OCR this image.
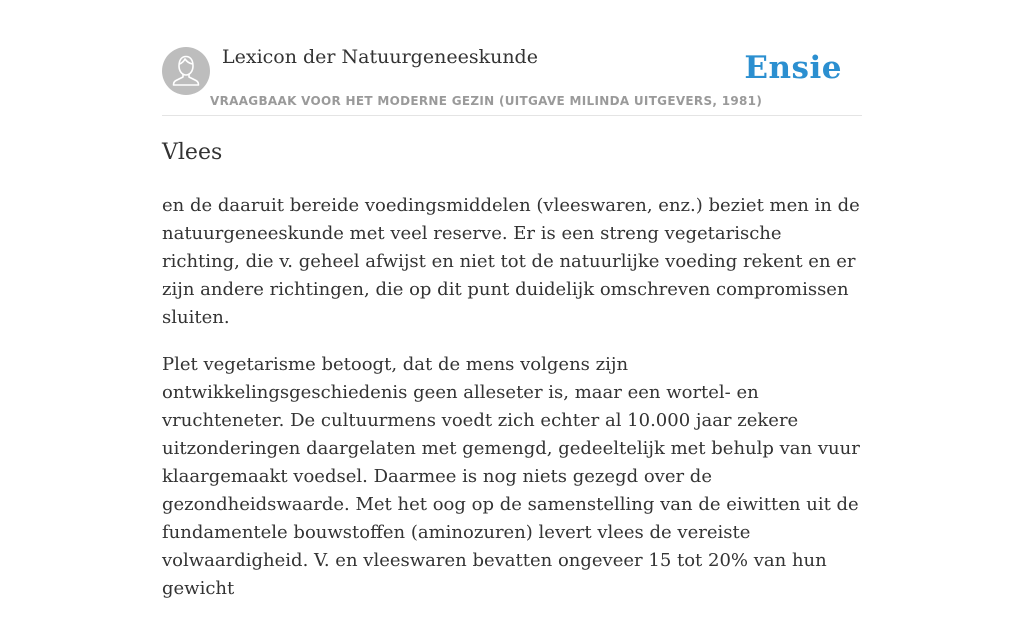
Lexicon der Natuurgeneeskunde
VRAAGBAAK VOOR HET MODERNE GEZIN (UITGAVE MILINDA UITGEVERS, 1981)
Ensie
Vlees

en de daaruit bereide voedingsmiddelen (vleeswaren, enz.) beziet men in de natuurgeneeskunde met veel reserve. Er is een streng vegetarische richting, die v. geheel afwijst en niet tot de natuurlijke voeding rekent en er zijn andere richtingen, die op dit punt duidelijk omschreven compromissen sluiten.

Plet vegetarisme betoogt, dat de mens volgens zijn ontwikkelingsgeschiedenis geen alleseter is, maar een wortel- en vruchteneter. De cultuurmens voedt zich echter al 10.000 jaar zekere uitzonderingen daargelaten met gemengd, gedeeltelijk met behulp van vuur klaargemaakt voedsel. Daarmee is nog niets gezegd over de gezondheidswaarde. Met het oog op de samenstelling van de eiwitten uit de fundamentele bouwstoffen (aminozuren) levert vlees de vereiste volwaardigheid. V. en vleeswaren bevatten ongeveer 15 tot 20% van hun gewicht
